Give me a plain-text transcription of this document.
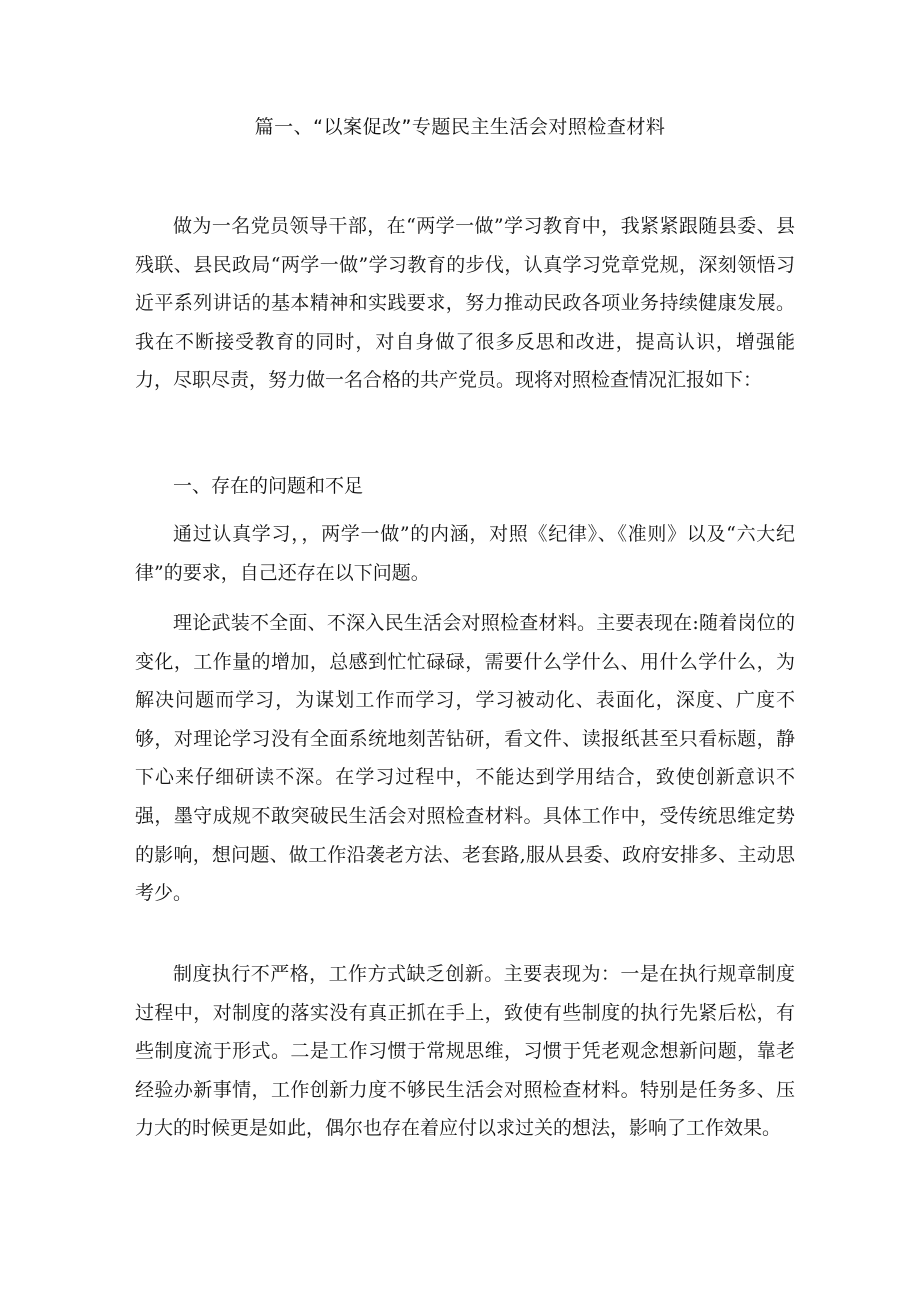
篇一、“以案促改”专题民主生活会对照检查材料

做为一名党员领导干部，在“两学一做”学习教育中，我紧紧跟随县委、县残联、县民政局“两学一做”学习教育的步伐，认真学习党章党规，深刻领悟习近平系列讲话的基本精神和实践要求，努力推动民政各项业务持续健康发展。我在不断接受教育的同时，对自身做了很多反思和改进，提高认识，增强能力，尽职尽责，努力做一名合格的共产党员。现将对照检查情况汇报如下：

一、存在的问题和不足

通过认真学习，，两学一做”的内涵，对照《纪律》、《准则》以及“六大纪律”的要求，自己还存在以下问题。

理论武装不全面、不深入民生活会对照检查材料。主要表现在:随着岗位的变化，工作量的增加，总感到忙忙碌碌，需要什么学什么、用什么学什么，为解决问题而学习，为谋划工作而学习，学习被动化、表面化，深度、广度不够，对理论学习没有全面系统地刻苦钻研，看文件、读报纸甚至只看标题，静下心来仔细研读不深。在学习过程中，不能达到学用结合，致使创新意识不强，墨守成规不敢突破民生活会对照检查材料。具体工作中，受传统思维定势的影响，想问题、做工作沿袭老方法、老套路,服从县委、政府安排多、主动思考少。

制度执行不严格，工作方式缺乏创新。主要表现为：一是在执行规章制度过程中，对制度的落实没有真正抓在手上，致使有些制度的执行先紧后松，有些制度流于形式。二是工作习惯于常规思维，习惯于凭老观念想新问题，靠老经验办新事情，工作创新力度不够民生活会对照检查材料。特别是任务多、压力大的时候更是如此，偶尔也存在着应付以求过关的想法，影响了工作效果。
